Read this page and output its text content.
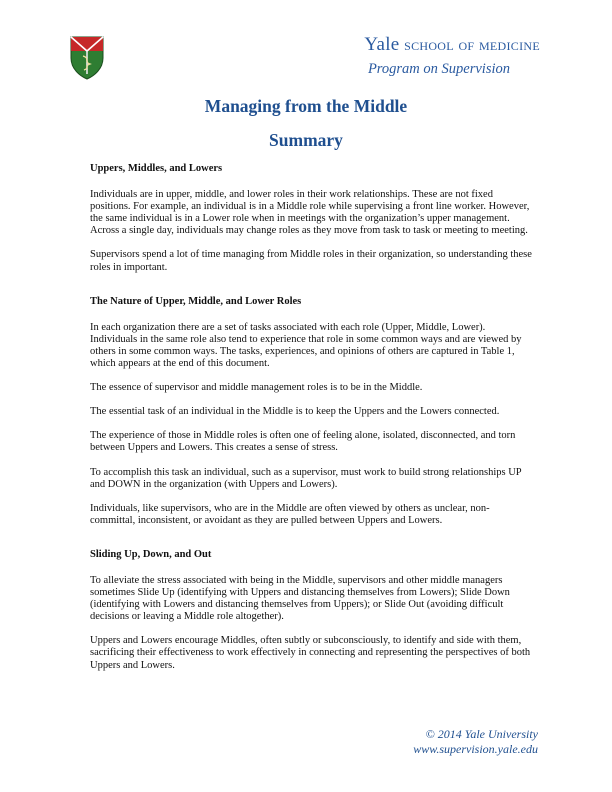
Yale school of medicine
Program on Supervision
Managing from the Middle
Summary
Uppers, Middles, and Lowers

Individuals are in upper, middle, and lower roles in their work relationships. These are not fixed positions. For example, an individual is in a Middle role while supervising a front line worker. However, the same individual is in a Lower role when in meetings with the organization’s upper management. Across a single day, individuals may change roles as they move from task to task or meeting to meeting.

Supervisors spend a lot of time managing from Middle roles in their organization, so understanding these roles in important.

The Nature of Upper, Middle, and Lower Roles

In each organization there are a set of tasks associated with each role (Upper, Middle, Lower). Individuals in the same role also tend to experience that role in some common ways and are viewed by others in some common ways. The tasks, experiences, and opinions of others are captured in Table 1, which appears at the end of this document.

The essence of supervisor and middle management roles is to be in the Middle.

The essential task of an individual in the Middle is to keep the Uppers and the Lowers connected.

The experience of those in Middle roles is often one of feeling alone, isolated, disconnected, and torn between Uppers and Lowers. This creates a sense of stress.

To accomplish this task an individual, such as a supervisor, must work to build strong relationships UP and DOWN in the organization (with Uppers and Lowers).

Individuals, like supervisors, who are in the Middle are often viewed by others as unclear, non-committal, inconsistent, or avoidant as they are pulled between Uppers and Lowers.

Sliding Up, Down, and Out

To alleviate the stress associated with being in the Middle, supervisors and other middle managers sometimes Slide Up (identifying with Uppers and distancing themselves from Lowers); Slide Down (identifying with Lowers and distancing themselves from Uppers); or Slide Out (avoiding difficult decisions or leaving a Middle role altogether).

Uppers and Lowers encourage Middles, often subtly or subconsciously, to identify and side with them, sacrificing their effectiveness to work effectively in connecting and representing the perspectives of both Uppers and Lowers.

© 2014 Yale University
www.supervision.yale.edu
